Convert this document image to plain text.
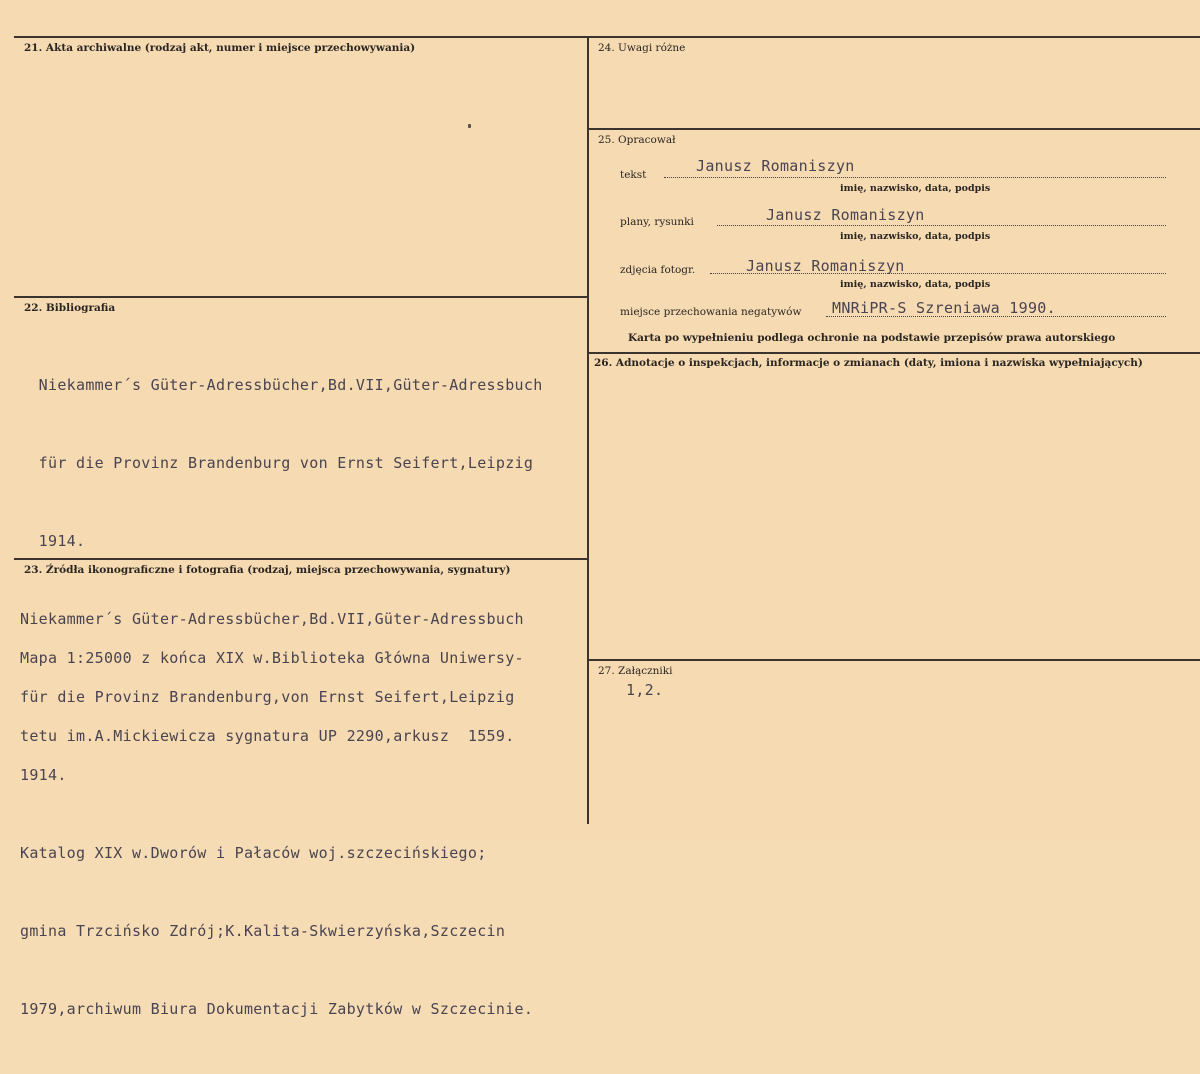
21. Akta archiwalne (rodzaj akt, numer i miejsce przechowywania)
22. Bibliografia

Niekammer´s Güter-Adressbücher,Bd.VII,Güter-Adressbuch

für die Provinz Brandenburg von Ernst Seifert,Leipzig

1914.

Niekammer´s Güter-Adressbücher,Bd.VII,Güter-Adressbuch

für die Provinz Brandenburg,von Ernst Seifert,Leipzig

1914.

Katalog XIX w.Dworów i Pałaców woj.szczecińskiego;

gmina Trzcińsko Zdrój;K.Kalita-Skwierzyńska,Szczecin

1979,archiwum Biura Dokumentacji Zabytków w Szczecinie.

23. Źródła ikonograficzne i fotografia (rodzaj, miejsca przechowywania, sygnatury)

Mapa 1:25000 z końca XIX w.Biblioteka Główna Uniwersy-

tetu im.A.Mickiewicza sygnatura UP 2290,arkusz  1559.

24. Uwagi różne
25. Opracował
tekst	Janusz Romaniszyn
imię, nazwisko, data, podpis
plany, rysunki	Janusz Romaniszyn
imię, nazwisko, data, podpis
zdjęcia fotogr.	Janusz Romaniszyn
imię, nazwisko, data, podpis
miejsce przechowania negatywów MNRiPR-S Szreniawa 1990.
Karta po wypełnieniu podlega ochronie na podstawie przepisów prawa autorskiego
26. Adnotacje o inspekcjach, informacje o zmianach (daty, imiona i nazwiska wypełniających)
27. Załączniki
1,2.
